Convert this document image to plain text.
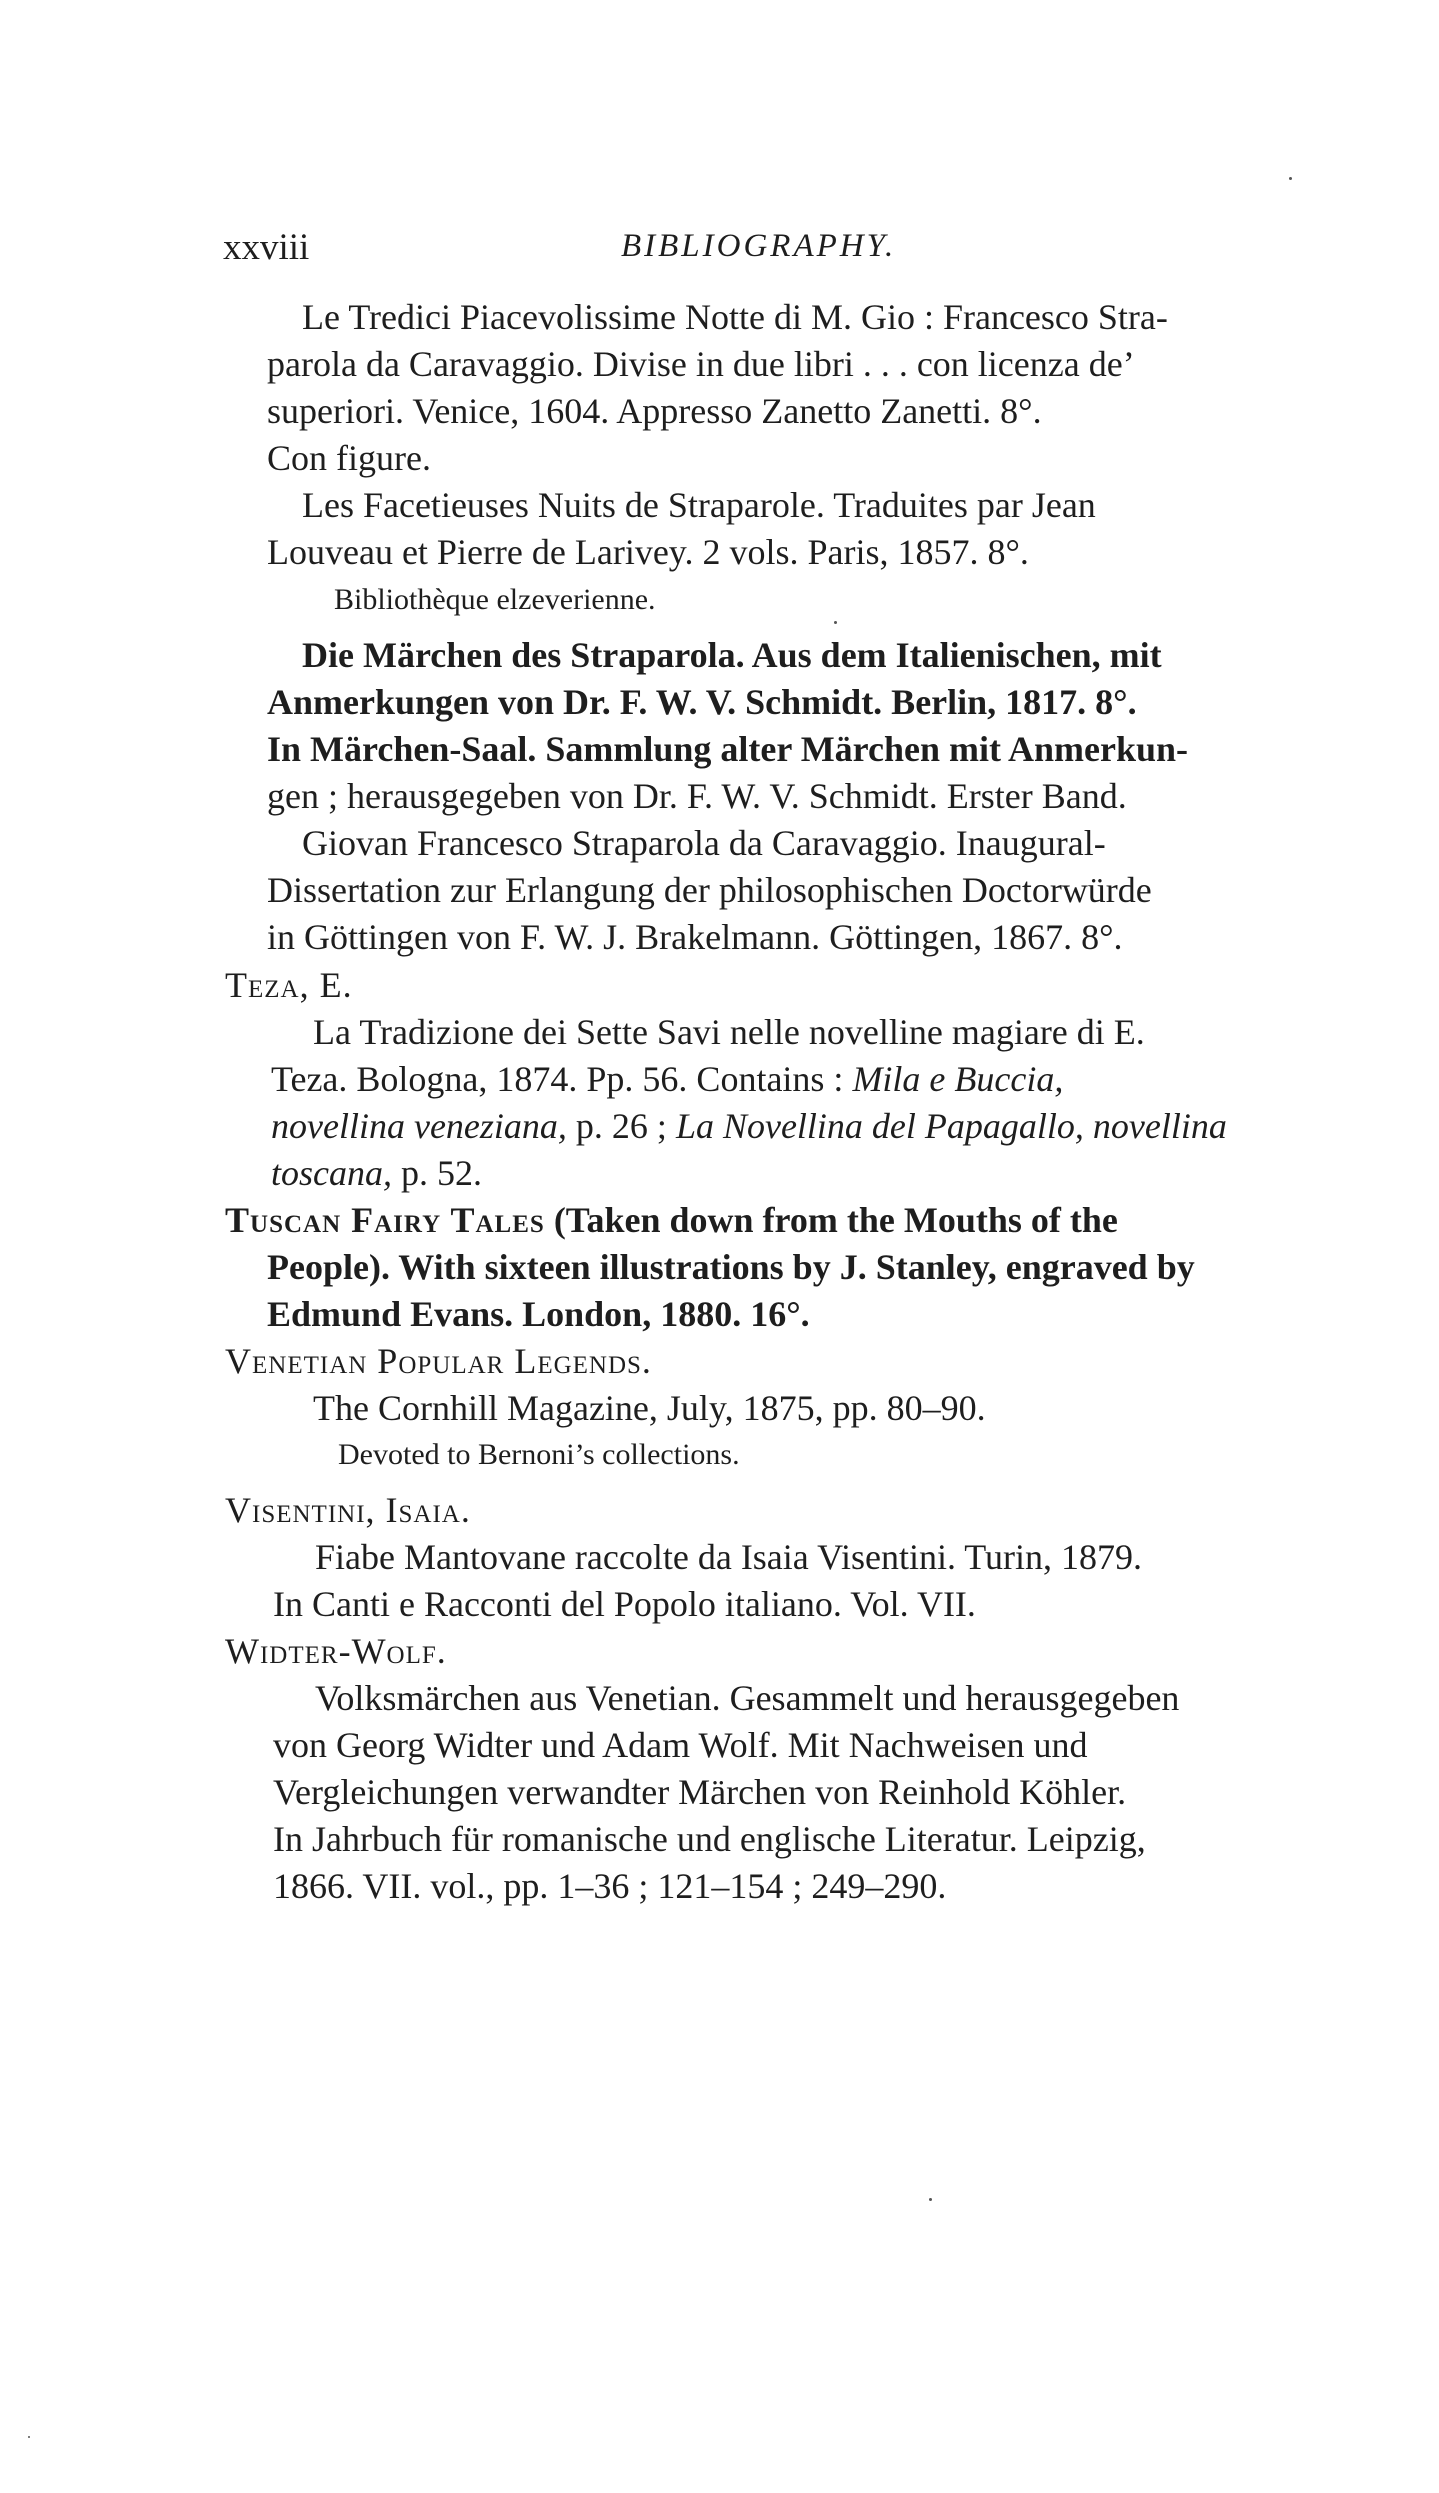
xxviii	BIBLIOGRAPHY.
Le Tredici Piacevolissime Notte di M. Gio : Francesco Stra-
parola da Caravaggio. Divise in due libri . . . con licenza de’
superiori. Venice, 1604. Appresso Zanetto Zanetti. 8°.
Con figure.
Les Facetieuses Nuits de Straparole. Traduites par Jean
Louveau et Pierre de Larivey. 2 vols. Paris, 1857. 8°.
Bibliothèque elzeverienne.
Die Märchen des Straparola. Aus dem Italienischen, mit
Anmerkungen von Dr. F. W. V. Schmidt. Berlin, 1817. 8°.
In Märchen-Saal. Sammlung alter Märchen mit Anmerkun-
gen ; herausgegeben von Dr. F. W. V. Schmidt. Erster Band.
Giovan Francesco Straparola da Caravaggio. Inaugural-
Dissertation zur Erlangung der philosophischen Doctorwürde
in Göttingen von F. W. J. Brakelmann. Göttingen, 1867. 8°.
Teza, E.
La Tradizione dei Sette Savi nelle novelline magiare di E.
Teza. Bologna, 1874. Pp. 56. Contains : Mila e Buccia,
novellina veneziana, p. 26 ; La Novellina del Papagallo, novellina
toscana, p. 52.
Tuscan Fairy Tales (Taken down from the Mouths of the
People). With sixteen illustrations by J. Stanley, engraved by
Edmund Evans. London, 1880. 16°.
Venetian Popular Legends.
The Cornhill Magazine, July, 1875, pp. 80–90.
Devoted to Bernoni’s collections.
Visentini, Isaia.
Fiabe Mantovane raccolte da Isaia Visentini. Turin, 1879.
In Canti e Racconti del Popolo italiano. Vol. VII.
Widter-Wolf.
Volksmärchen aus Venetian. Gesammelt und herausgegeben
von Georg Widter und Adam Wolf. Mit Nachweisen und
Vergleichungen verwandter Märchen von Reinhold Köhler.
In Jahrbuch für romanische und englische Literatur. Leipzig,
1866. VII. vol., pp. 1–36 ; 121–154 ; 249–290.
